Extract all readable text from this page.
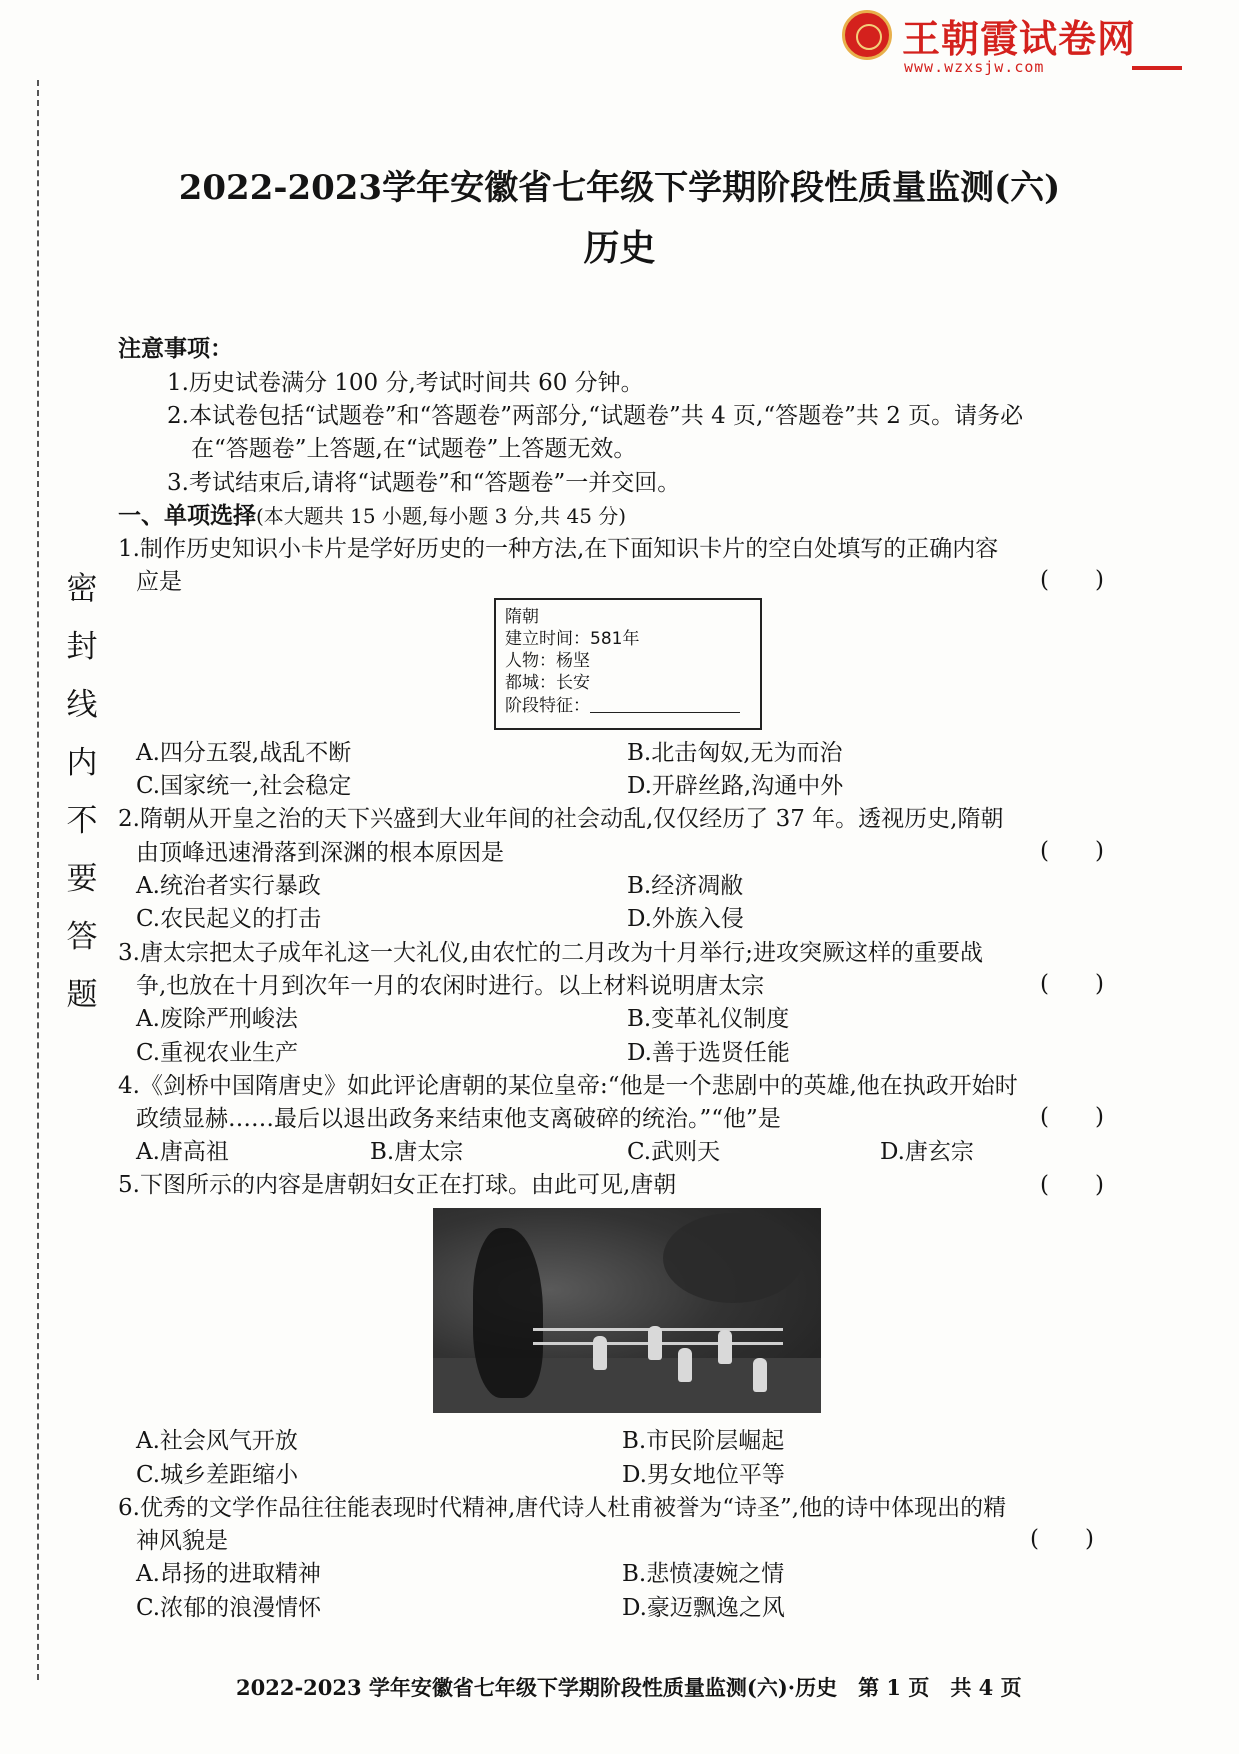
密
封
线
内
不
要
答
题
王朝霞试卷网
www.wzxsjw.com
2022-2023学年安徽省七年级下学期阶段性质量监测(六)
历史
注意事项：
1.历史试卷满分 100 分,考试时间共 60 分钟。
2.本试卷包括“试题卷”和“答题卷”两部分,“试题卷”共 4 页,“答题卷”共 2 页。请务必
在“答题卷”上答题,在“试题卷”上答题无效。
3.考试结束后,请将“试题卷”和“答题卷”一并交回。
一、单项选择(本大题共 15 小题,每小题 3 分,共 45 分)
1.制作历史知识小卡片是学好历史的一种方法,在下面知识卡片的空白处填写的正确内容
应是	(　　)
隋朝
建立时间：581年
人物：杨坚
都城：长安
阶段特征：
A.四分五裂,战乱不断	B.北击匈奴,无为而治
C.国家统一,社会稳定	D.开辟丝路,沟通中外
2.隋朝从开皇之治的天下兴盛到大业年间的社会动乱,仅仅经历了 37 年。透视历史,隋朝
由顶峰迅速滑落到深渊的根本原因是	(　　)
A.统治者实行暴政	B.经济凋敝
C.农民起义的打击	D.外族入侵
3.唐太宗把太子成年礼这一大礼仪,由农忙的二月改为十月举行;进攻突厥这样的重要战
争,也放在十月到次年一月的农闲时进行。以上材料说明唐太宗	(　　)
A.废除严刑峻法	B.变革礼仪制度
C.重视农业生产	D.善于选贤任能
4.《剑桥中国隋唐史》如此评论唐朝的某位皇帝:“他是一个悲剧中的英雄,他在执政开始时
政绩显赫……最后以退出政务来结束他支离破碎的统治。”“他”是	(　　)
A.唐高祖	B.唐太宗	C.武则天	D.唐玄宗
5.下图所示的内容是唐朝妇女正在打球。由此可见,唐朝	(　　)
A.社会风气开放	B.市民阶层崛起
C.城乡差距缩小	D.男女地位平等
6.优秀的文学作品往往能表现时代精神,唐代诗人杜甫被誉为“诗圣”,他的诗中体现出的精
神风貌是	(　　)
A.昂扬的进取精神	B.悲愤凄婉之情
C.浓郁的浪漫情怀	D.豪迈飘逸之风
2022-2023 学年安徽省七年级下学期阶段性质量监测(六)·历史　第 1 页　共 4 页
